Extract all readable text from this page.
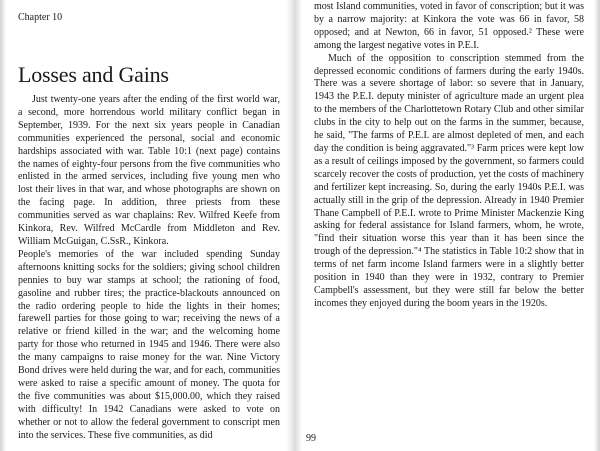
Chapter 10
Losses and Gains

Just twenty-one years after the ending of the first world war, a second, more horrendous world military conflict began in September, 1939. For the next six years people in Canadian communities experienced the personal, social and economic hardships associated with war. Table 10:1 (next page) contains the names of eighty-four persons from the five communities who enlisted in the armed services, including five young men who lost their lives in that war, and whose photographs are shown on the facing page. In addition, three priests from these communities served as war chaplains: Rev. Wilfred Keefe from Kinkora, Rev. Wilfred McCardle from Middleton and Rev. William McGuigan, C.SsR., Kinkora.

People's memories of the war included spending Sunday afternoons knitting socks for the soldiers; giving school children pennies to buy war stamps at school; the rationing of food, gasoline and rubber tires; the practice-blackouts announced on the radio ordering people to hide the lights in their homes; farewell parties for those going to war; receiving the news of a relative or friend killed in the war; and the welcoming home party for those who returned in 1945 and 1946. There were also the many campaigns to raise money for the war. Nine Victory Bond drives were held during the war, and for each, communities were asked to raise a specific amount of money. The quota for the five communities was about $15,000.00, which they raised with difficulty! In 1942 Canadians were asked to vote on whether or not to allow the federal government to conscript men into the services. These five communities, as did

most Island communities, voted in favor of conscription; but it was by a narrow majority: at Kinkora the vote was 66 in favor, 58 opposed; and at Newton, 66 in favor, 51 opposed.² These were among the largest negative votes in P.E.I.

Much of the opposition to conscription stemmed from the depressed economic conditions of farmers during the early 1940s. There was a severe shortage of labor: so severe that in January, 1943 the P.E.I. deputy minister of agriculture made an urgent plea to the members of the Charlottetown Rotary Club and other similar clubs in the city to help out on the farms in the summer, because, he said, "The farms of P.E.I. are almost depleted of men, and each day the condition is being aggravated."³ Farm prices were kept low as a result of ceilings imposed by the government, so farmers could scarcely recover the costs of production, yet the costs of machinery and fertilizer kept increasing. So, during the early 1940s P.E.I. was actually still in the grip of the depression. Already in 1940 Premier Thane Campbell of P.E.I. wrote to Prime Minister Mackenzie King asking for federal assistance for Island farmers, whom, he wrote, "find their situation worse this year than it has been since the trough of the depression."⁴ The statistics in Table 10:2 show that in terms of net farm income Island farmers were in a slightly better position in 1940 than they were in 1932, contrary to Premier Campbell's assessment, but they were still far below the better incomes they enjoyed during the boom years in the 1920s.

99
